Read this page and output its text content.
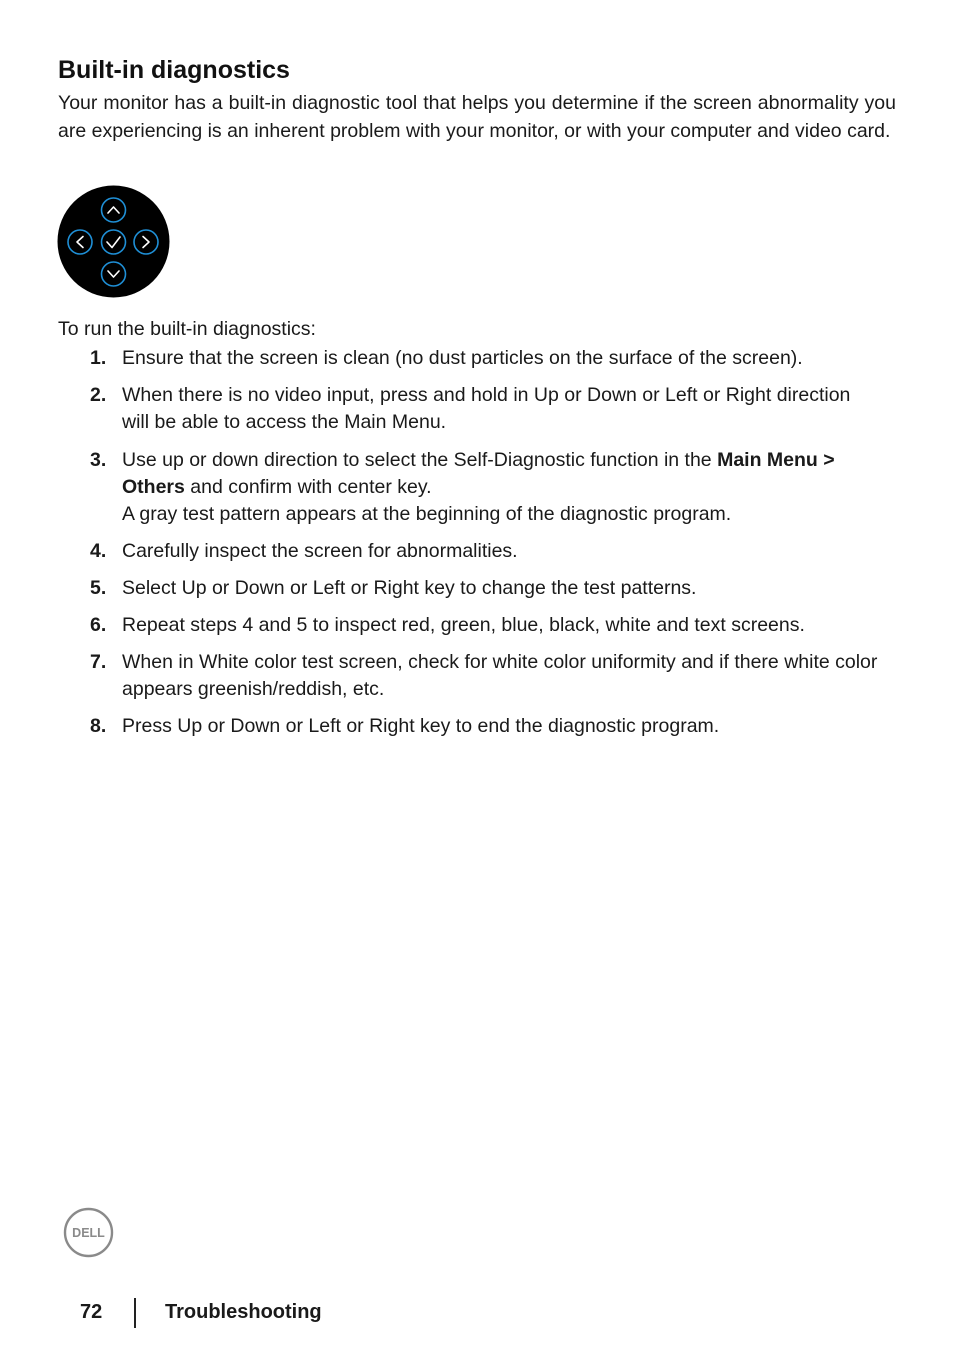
Built-in diagnostics

Your monitor has a built-in diagnostic tool that helps you determine if the screen abnormality you are experiencing is an inherent problem with your monitor, or with your computer and video card.

To run the built-in diagnostics:

1. Ensure that the screen is clean (no dust particles on the surface of the screen).
2. When there is no video input, press and hold in Up or Down or Left or Right direction will be able to access the Main Menu.
3. Use up or down direction to select the Self-Diagnostic function in the Main Menu > Others and confirm with center key.
A gray test pattern appears at the beginning of the diagnostic program.
4. Carefully inspect the screen for abnormalities.
5. Select Up or Down or Left or Right key to change the test patterns.
6. Repeat steps 4 and 5 to inspect red, green, blue, black, white and text screens.
7. When in White color test screen, check for white color uniformity and if there white color appears greenish/reddish, etc.
8. Press Up or Down or Left or Right key to end the diagnostic program.
DELL
72	Troubleshooting
